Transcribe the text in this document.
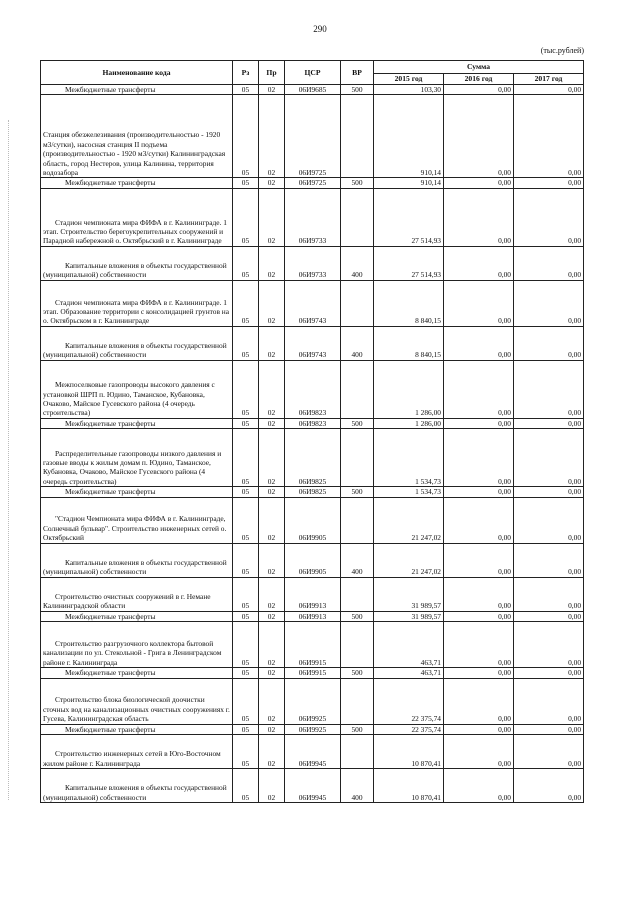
290
(тыс.рублей)
Наименование кода	Рз	Пр	ЦСР	ВР	Сумма		
					2015 год	2016 год	2017 год
Межбюджетные трансферты	05	02	06И9685	500	103,30	0,00	0,00
Станция обезжелезивания (производительностью - 1920 м3/сутки), насосная станция II подъема (производительностью - 1920 м3/сутки) Калининградская область, город Нестеров, улица Калинина, территория водозабора	05	02	06И9725		910,14	0,00	0,00
Межбюджетные трансферты	05	02	06И9725	500	910,14	0,00	0,00
Стадион чемпионата мира ФИФА в г. Калининграде. 1 этап. Строительство берегоукрепительных сооружений и Парадной набережной о. Октябрьский в г. Калининграде	05	02	06И9733		27 514,93	0,00	0,00
Капитальные вложения в объекты государственной (муниципальной) собственности	05	02	06И9733	400	27 514,93	0,00	0,00
Стадион чемпионата мира ФИФА в г. Калининграде. 1 этап. Образование территории с консолидацией грунтов на о. Октябрьском в г. Калининграде	05	02	06И9743		8 840,15	0,00	0,00
Капитальные вложения в объекты государственной (муниципальной) собственности	05	02	06И9743	400	8 840,15	0,00	0,00
Межпоселковые газопроводы высокого давления с установкой ШРП п. Юдино, Таманское, Кубановка, Очаково, Майское Гусевского района (4 очередь строительства)	05	02	06И9823		1 286,00	0,00	0,00
Межбюджетные трансферты	05	02	06И9823	500	1 286,00	0,00	0,00
Распределительные газопроводы низкого давления и газовые вводы к жилым домам п. Юдино, Таманское, Кубановка, Очаково, Майское Гусевского района (4 очередь строительства)	05	02	06И9825		1 534,73	0,00	0,00
Межбюджетные трансферты	05	02	06И9825	500	1 534,73	0,00	0,00
"Стадион Чемпионата мира ФИФА в г. Калининграде, Солнечный бульвар". Строительство инженерных сетей о. Октябрьский	05	02	06И9905		21 247,02	0,00	0,00
Капитальные вложения в объекты государственной (муниципальной) собственности	05	02	06И9905	400	21 247,02	0,00	0,00
Строительство очистных сооружений в г. Немане Калининградской области	05	02	06И9913		31 989,57	0,00	0,00
Межбюджетные трансферты	05	02	06И9913	500	31 989,57	0,00	0,00
Строительство разгрузочного коллектора бытовой канализации по ул. Стекольной - Грига в Ленинградском районе г. Калининграда	05	02	06И9915		463,71	0,00	0,00
Межбюджетные трансферты	05	02	06И9915	500	463,71	0,00	0,00
Строительство блока биологической доочистки сточных вод на канализационных очистных сооружениях г. Гусева, Калининградская область	05	02	06И9925		22 375,74	0,00	0,00
Межбюджетные трансферты	05	02	06И9925	500	22 375,74	0,00	0,00
Строительство инженерных сетей в Юго-Восточном жилом районе г. Калининграда	05	02	06И9945		10 870,41	0,00	0,00
Капитальные вложения в объекты государственной (муниципальной) собственности	05	02	06И9945	400	10 870,41	0,00	0,00
